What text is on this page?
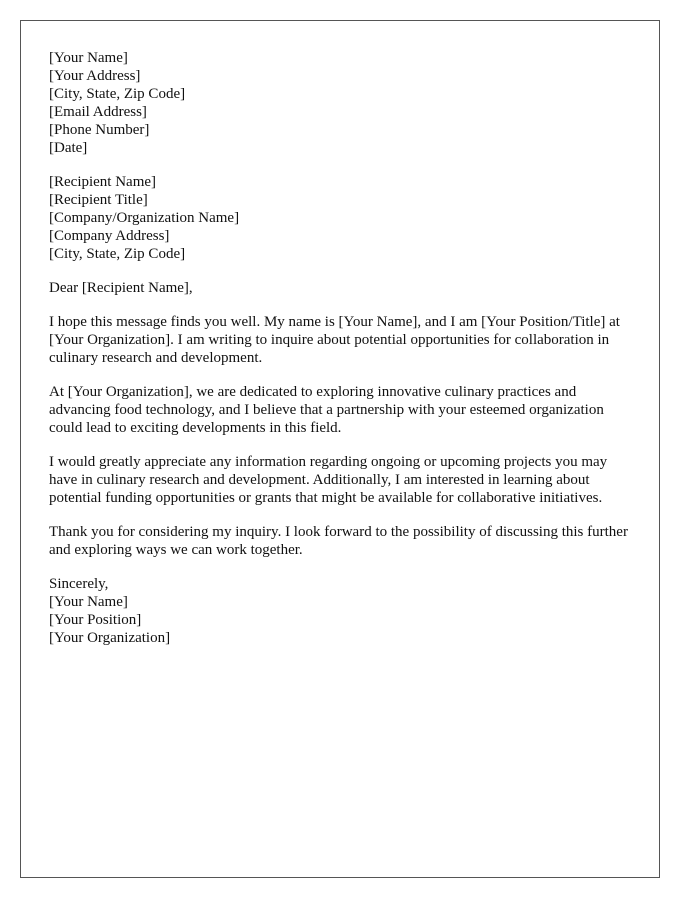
[Your Name]
[Your Address]
[City, State, Zip Code]
[Email Address]
[Phone Number]
[Date]
[Recipient Name]
[Recipient Title]
[Company/Organization Name]
[Company Address]
[City, State, Zip Code]

Dear [Recipient Name],

I hope this message finds you well. My name is [Your Name], and I am [Your Position/Title] at [Your Organization]. I am writing to inquire about potential opportunities for collaboration in culinary research and development.

At [Your Organization], we are dedicated to exploring innovative culinary practices and advancing food technology, and I believe that a partnership with your esteemed organization could lead to exciting developments in this field.

I would greatly appreciate any information regarding ongoing or upcoming projects you may have in culinary research and development. Additionally, I am interested in learning about potential funding opportunities or grants that might be available for collaborative initiatives.

Thank you for considering my inquiry. I look forward to the possibility of discussing this further and exploring ways we can work together.

Sincerely,
[Your Name]
[Your Position]
[Your Organization]
